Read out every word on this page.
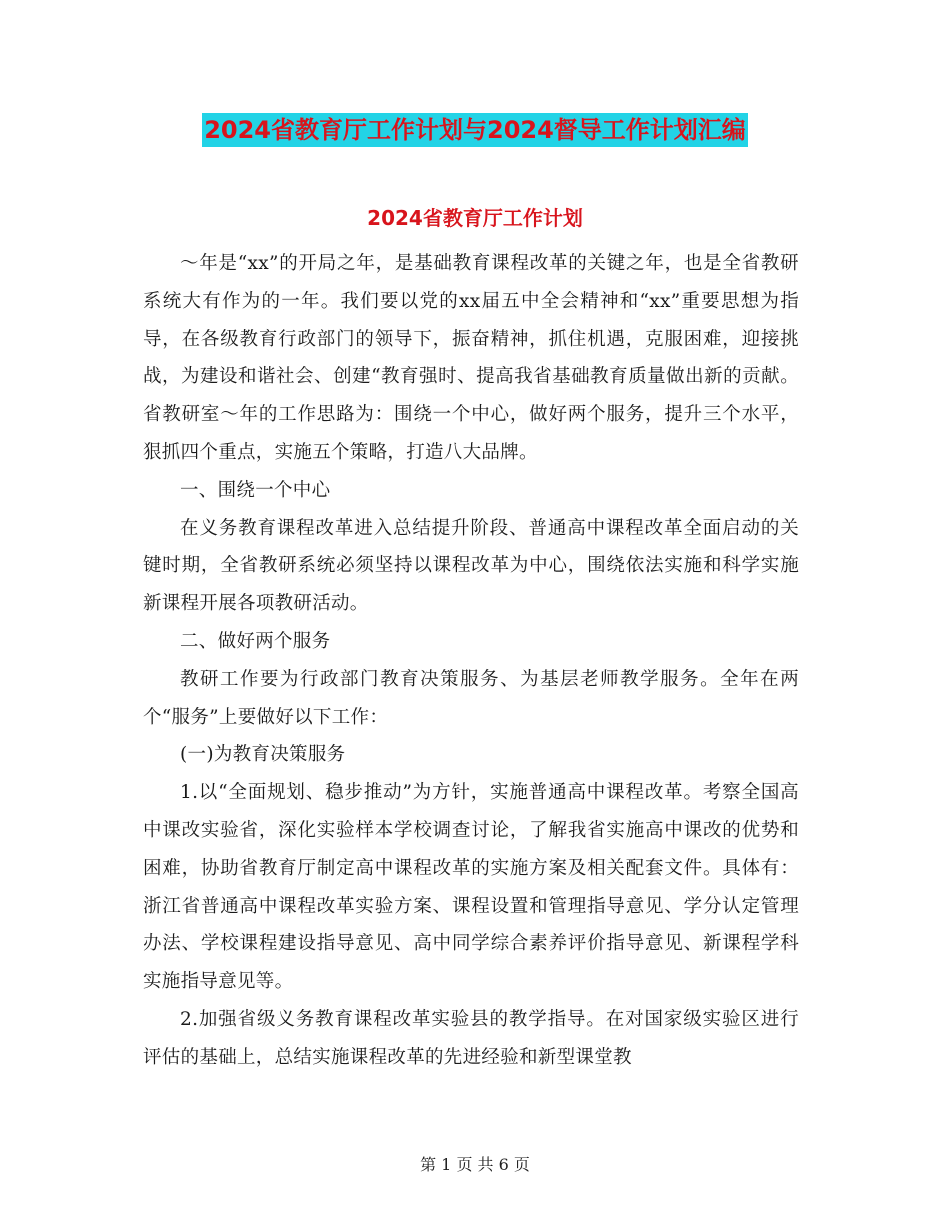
2024省教育厅工作计划与2024督导工作计划汇编
2024省教育厅工作计划

～年是“xx”的开局之年，是基础教育课程改革的关键之年，也是全省教研系统大有作为的一年。我们要以党的xx届五中全会精神和“xx”重要思想为指导，在各级教育行政部门的领导下，振奋精神，抓住机遇，克服困难，迎接挑战，为建设和谐社会、创建“教育强时、提高我省基础教育质量做出新的贡献。省教研室～年的工作思路为：围绕一个中心，做好两个服务，提升三个水平，狠抓四个重点，实施五个策略，打造八大品牌。

一、围绕一个中心

在义务教育课程改革进入总结提升阶段、普通高中课程改革全面启动的关键时期，全省教研系统必须坚持以课程改革为中心，围绕依法实施和科学实施新课程开展各项教研活动。

二、做好两个服务

教研工作要为行政部门教育决策服务、为基层老师教学服务。全年在两个“服务”上要做好以下工作：

(一)为教育决策服务

1.以“全面规划、稳步推动”为方针，实施普通高中课程改革。考察全国高中课改实验省，深化实验样本学校调查讨论，了解我省实施高中课改的优势和困难，协助省教育厅制定高中课程改革的实施方案及相关配套文件。具体有：浙江省普通高中课程改革实验方案、课程设置和管理指导意见、学分认定管理办法、学校课程建设指导意见、高中同学综合素养评价指导意见、新课程学科实施指导意见等。

2.加强省级义务教育课程改革实验县的教学指导。在对国家级实验区进行评估的基础上，总结实施课程改革的先进经验和新型课堂教

第 1 页 共 6 页
